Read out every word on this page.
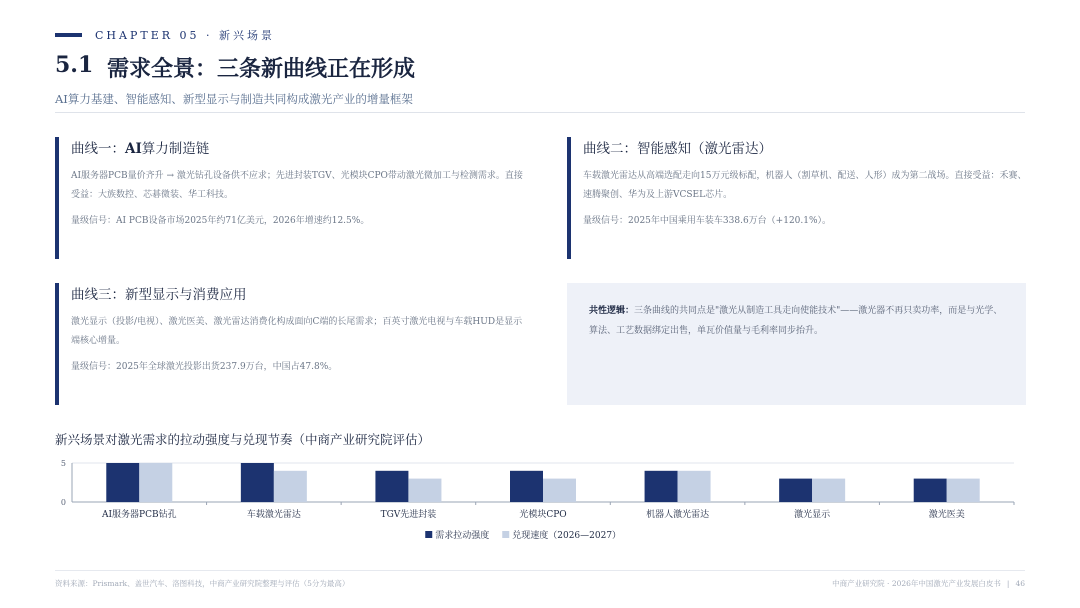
CHAPTER 05 · 新兴场景
5.1 需求全景：三条新曲线正在形成
AI算力基建、智能感知、新型显示与制造共同构成激光产业的增量框架
曲线一：AI算力制造链

AI服务器PCB量价齐升 → 激光钻孔设备供不应求；先进封装TGV、光模块CPO带动激光微加工与检测需求。直接受益：大族数控、芯碁微装、华工科技。

量级信号：AI PCB设备市场2025年约71亿美元，2026年增速约12.5%。

曲线二：智能感知（激光雷达）

车载激光雷达从高端选配走向15万元级标配，机器人（割草机、配送、人形）成为第二战场。直接受益：禾赛、速腾聚创、华为及上游VCSEL芯片。

量级信号：2025年中国乘用车装车338.6万台（+120.1%）。

曲线三：新型显示与消费应用

激光显示（投影/电视）、激光医美、激光雷达消费化构成面向C端的长尾需求；百英寸激光电视与车载HUD是显示端核心增量。

量级信号：2025年全球激光投影出货237.9万台，中国占47.8%。

共性逻辑：三条曲线的共同点是"激光从制造工具走向使能技术"——激光器不再只卖功率，而是与光学、算法、工艺数据绑定出售，单瓦价值量与毛利率同步抬升。

新兴场景对激光需求的拉动强度与兑现节奏（中商产业研究院评估）
0
5
AI服务器PCB钻孔	车载激光雷达	TGV先进封装	光模块CPO	机器人激光雷达	激光显示	激光医美
需求拉动强度	兑现速度（2026—2027）
资料来源：Prismark、盖世汽车、洛图科技，中商产业研究院整理与评估（5分为最高）	中商产业研究院 · 2026年中国激光产业发展白皮书 | 46
